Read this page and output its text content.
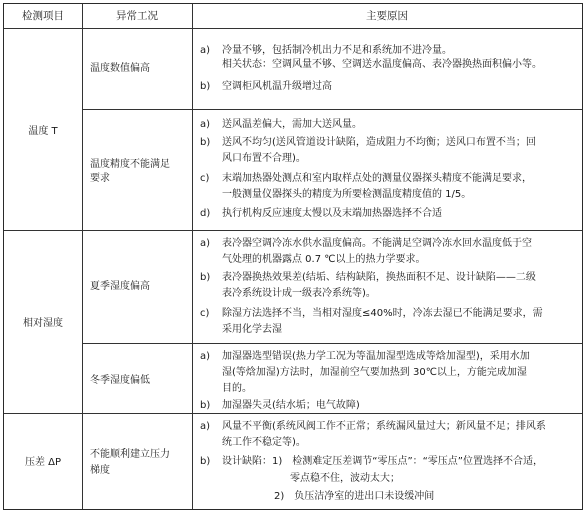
检测项目	异常工况	主要原因
温度 T
温度数值偏高
温度精度不能满足
要求
a) 冷量不够，包括制冷机出力不足和系统加不进冷量。
相关状态：空调风量不够、空调送水温度偏高、表冷器换热面积偏小等。
b) 空调柜风机温升级增过高
a) 送风温差偏大，需加大送风量。
b) 送风不均匀(送风管道设计缺陷，造成阻力不均衡；送风口布置不当；回
风口布置不合理)。
c) 末端加热器处测点和室内取样点处的测量仪器探头精度不能满足要求，
一般测量仪器探头的精度为所要检测温度精度值的 1/5。
d) 执行机构反应速度太慢以及末端加热器选择不合适
相对湿度
夏季湿度偏高
冬季湿度偏低
a) 表冷器空调冷冻水供水温度偏高。不能满足空调冷冻水回水温度低于空
气处理的机器露点 0.7 ℃以上的热力学要求。
b) 表冷器换热效果差(结垢、结构缺陷，换热面积不足、设计缺陷——二级
表冷系统设计成一级表冷系统等)。
c) 除湿方法选择不当，当相对湿度≤40%时，冷冻去湿已不能满足要求，需
采用化学去湿
a) 加湿器选型错误(热力学工况为等温加湿型选成等焓加湿型)，采用水加
湿(等焓加湿)方法时，加湿前空气要加热到 30℃以上，方能完成加湿
目的。
b) 加湿器失灵(结水垢；电气故障)
压差 ΔP
不能顺利建立压力
梯度
a) 风量不平衡(系统风阀工作不正常；系统漏风量过大；新风量不足；排风系
统工作不稳定等)。
b) 设计缺陷：1)　检测难定压差调节“零压点”：“零压点”位置选择不合适，
零点稳不住，波动太大；
2)　负压洁净室的进出口未设缓冲间
